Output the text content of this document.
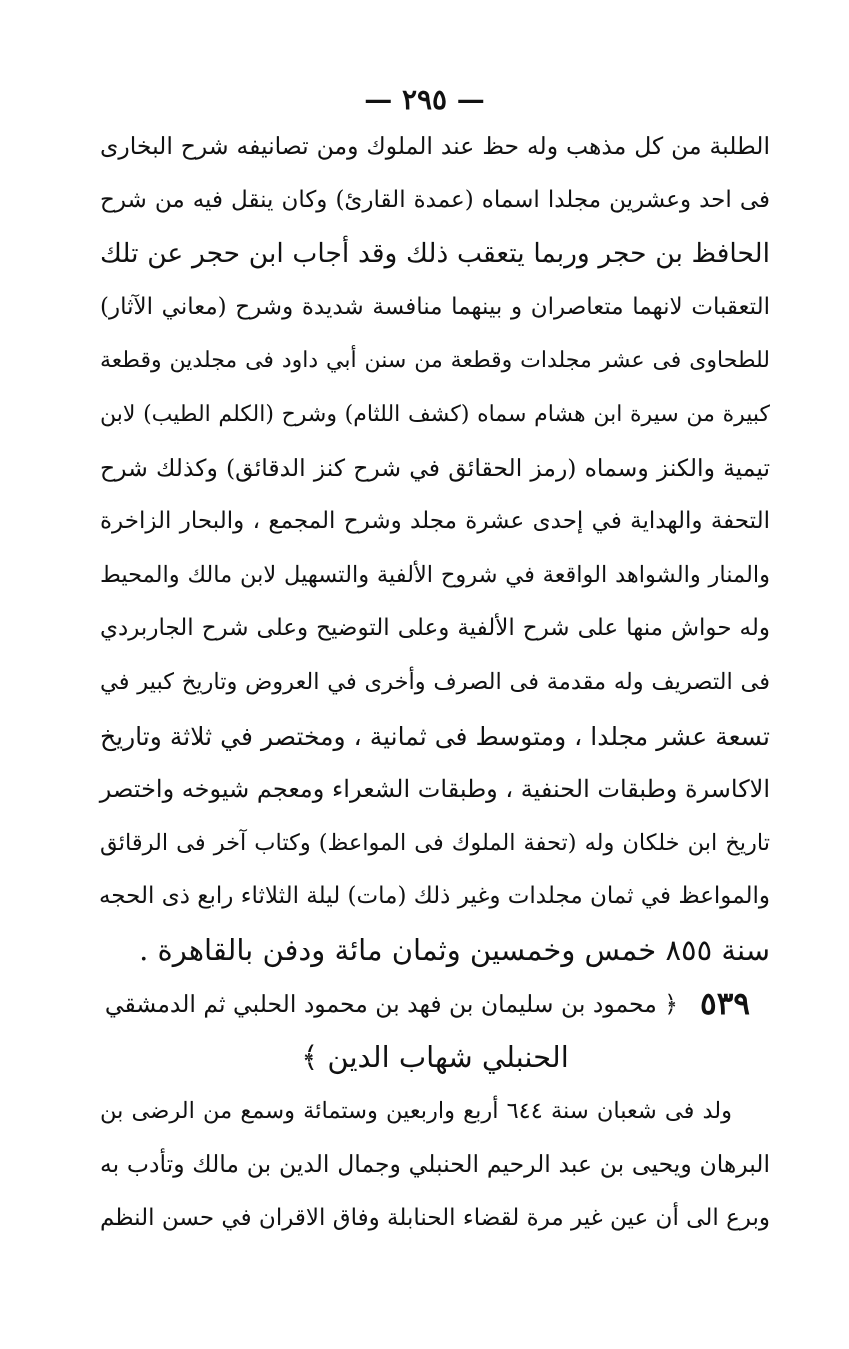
— ٢٩٥ —
الطلبة من كل مذهب وله حظ عند الملوك ومن تصانيفه شرح البخارى
فى احد وعشرين مجلدا اسماه (عمدة القارئ) وكان ينقل فيه من شرح
الحافظ بن حجر وربما يتعقب ذلك وقد أجاب ابن حجر عن تلك
التعقبات لانهما متعاصران و بينهما منافسة شديدة وشرح (معاني الآثار)
للطحاوى فى عشر مجلدات وقطعة من سنن أبي داود فى مجلدين وقطعة
كبيرة من سيرة ابن هشام سماه (كشف اللثام) وشرح (الكلم الطيب) لابن
تيمية والكنز وسماه (رمز الحقائق في شرح كنز الدقائق) وكذلك شرح
التحفة والهداية في إحدى عشرة مجلد وشرح المجمع ، والبحار الزاخرة
والمنار والشواهد الواقعة في شروح الألفية والتسهيل لابن مالك والمحيط
وله حواش منها على شرح الألفية وعلى التوضيح وعلى شرح الجاربردي
فى التصريف وله مقدمة فى الصرف وأخرى في العروض وتاريخ كبير في
تسعة عشر مجلدا ، ومتوسط فى ثمانية ، ومختصر في ثلاثة وتاريخ
الاكاسرة وطبقات الحنفية ، وطبقات الشعراء ومعجم شيوخه واختصر
تاريخ ابن خلكان وله (تحفة الملوك فى المواعظ) وكتاب آخر فى الرقائق
والمواعظ في ثمان مجلدات وغير ذلك (مات) ليلة الثلاثاء رابع ذى الحجه
سنة ٨٥٥ خمس وخمسين وثمان مائة ودفن بالقاهرة .
٥٣٩
﴿ محمود بن سليمان بن فهد بن محمود الحلبي ثم الدمشقي
الحنبلي شهاب الدين ﴾
ولد فى شعبان سنة ٦٤٤ أربع واربعين وستمائة وسمع من الرضى بن
البرهان ويحيى بن عبد الرحيم الحنبلي وجمال الدين بن مالك وتأدب به
وبرع الى أن عين غير مرة لقضاء الحنابلة وفاق الاقران في حسن النظم
